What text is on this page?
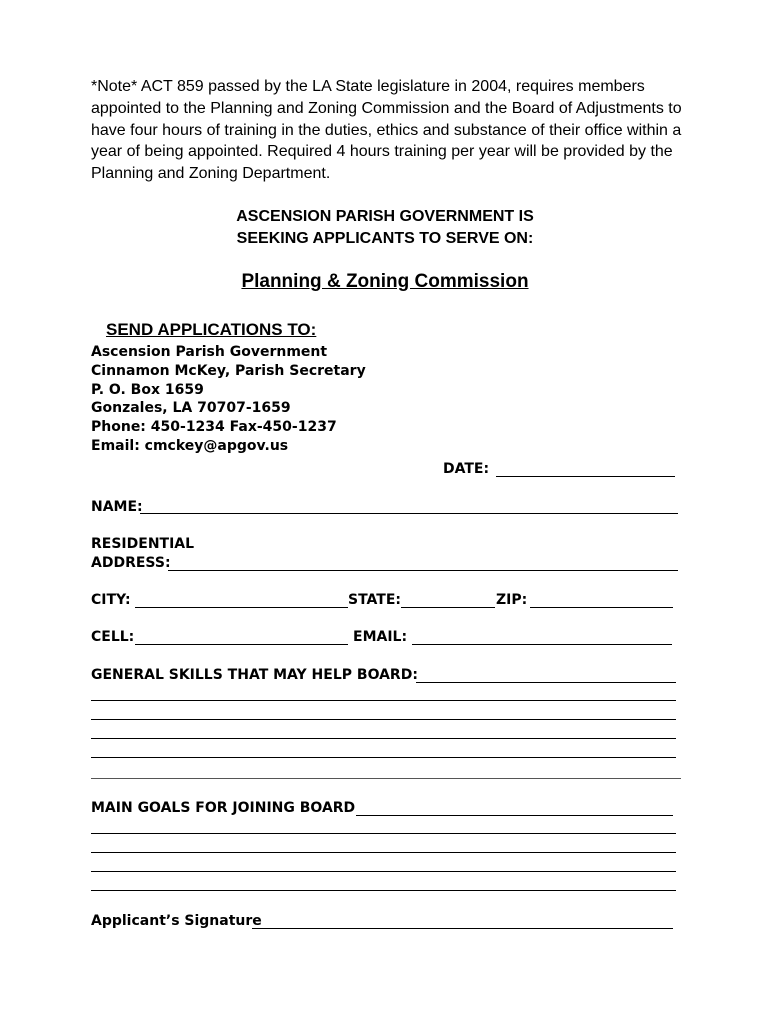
*Note* ACT 859 passed by the LA State legislature in 2004, requires members appointed to the Planning and Zoning Commission and the Board of Adjustments to have four hours of training in the duties, ethics and substance of their office within a year of being appointed. Required 4 hours training per year will be provided by the Planning and Zoning Department.
ASCENSION PARISH GOVERNMENT IS
SEEKING APPLICANTS TO SERVE ON:
Planning & Zoning Commission
SEND APPLICATIONS TO:
Ascension Parish Government
Cinnamon McKey, Parish Secretary
P. O. Box 1659
Gonzales, LA 70707-1659
Phone: 450-1234 Fax-450-1237
Email: cmckey@apgov.us
DATE:
NAME:
RESIDENTIAL
ADDRESS:
CITY:	STATE:	ZIP:
CELL:	EMAIL:
GENERAL SKILLS THAT MAY HELP BOARD:
MAIN GOALS FOR JOINING BOARD
Applicant’s Signature
